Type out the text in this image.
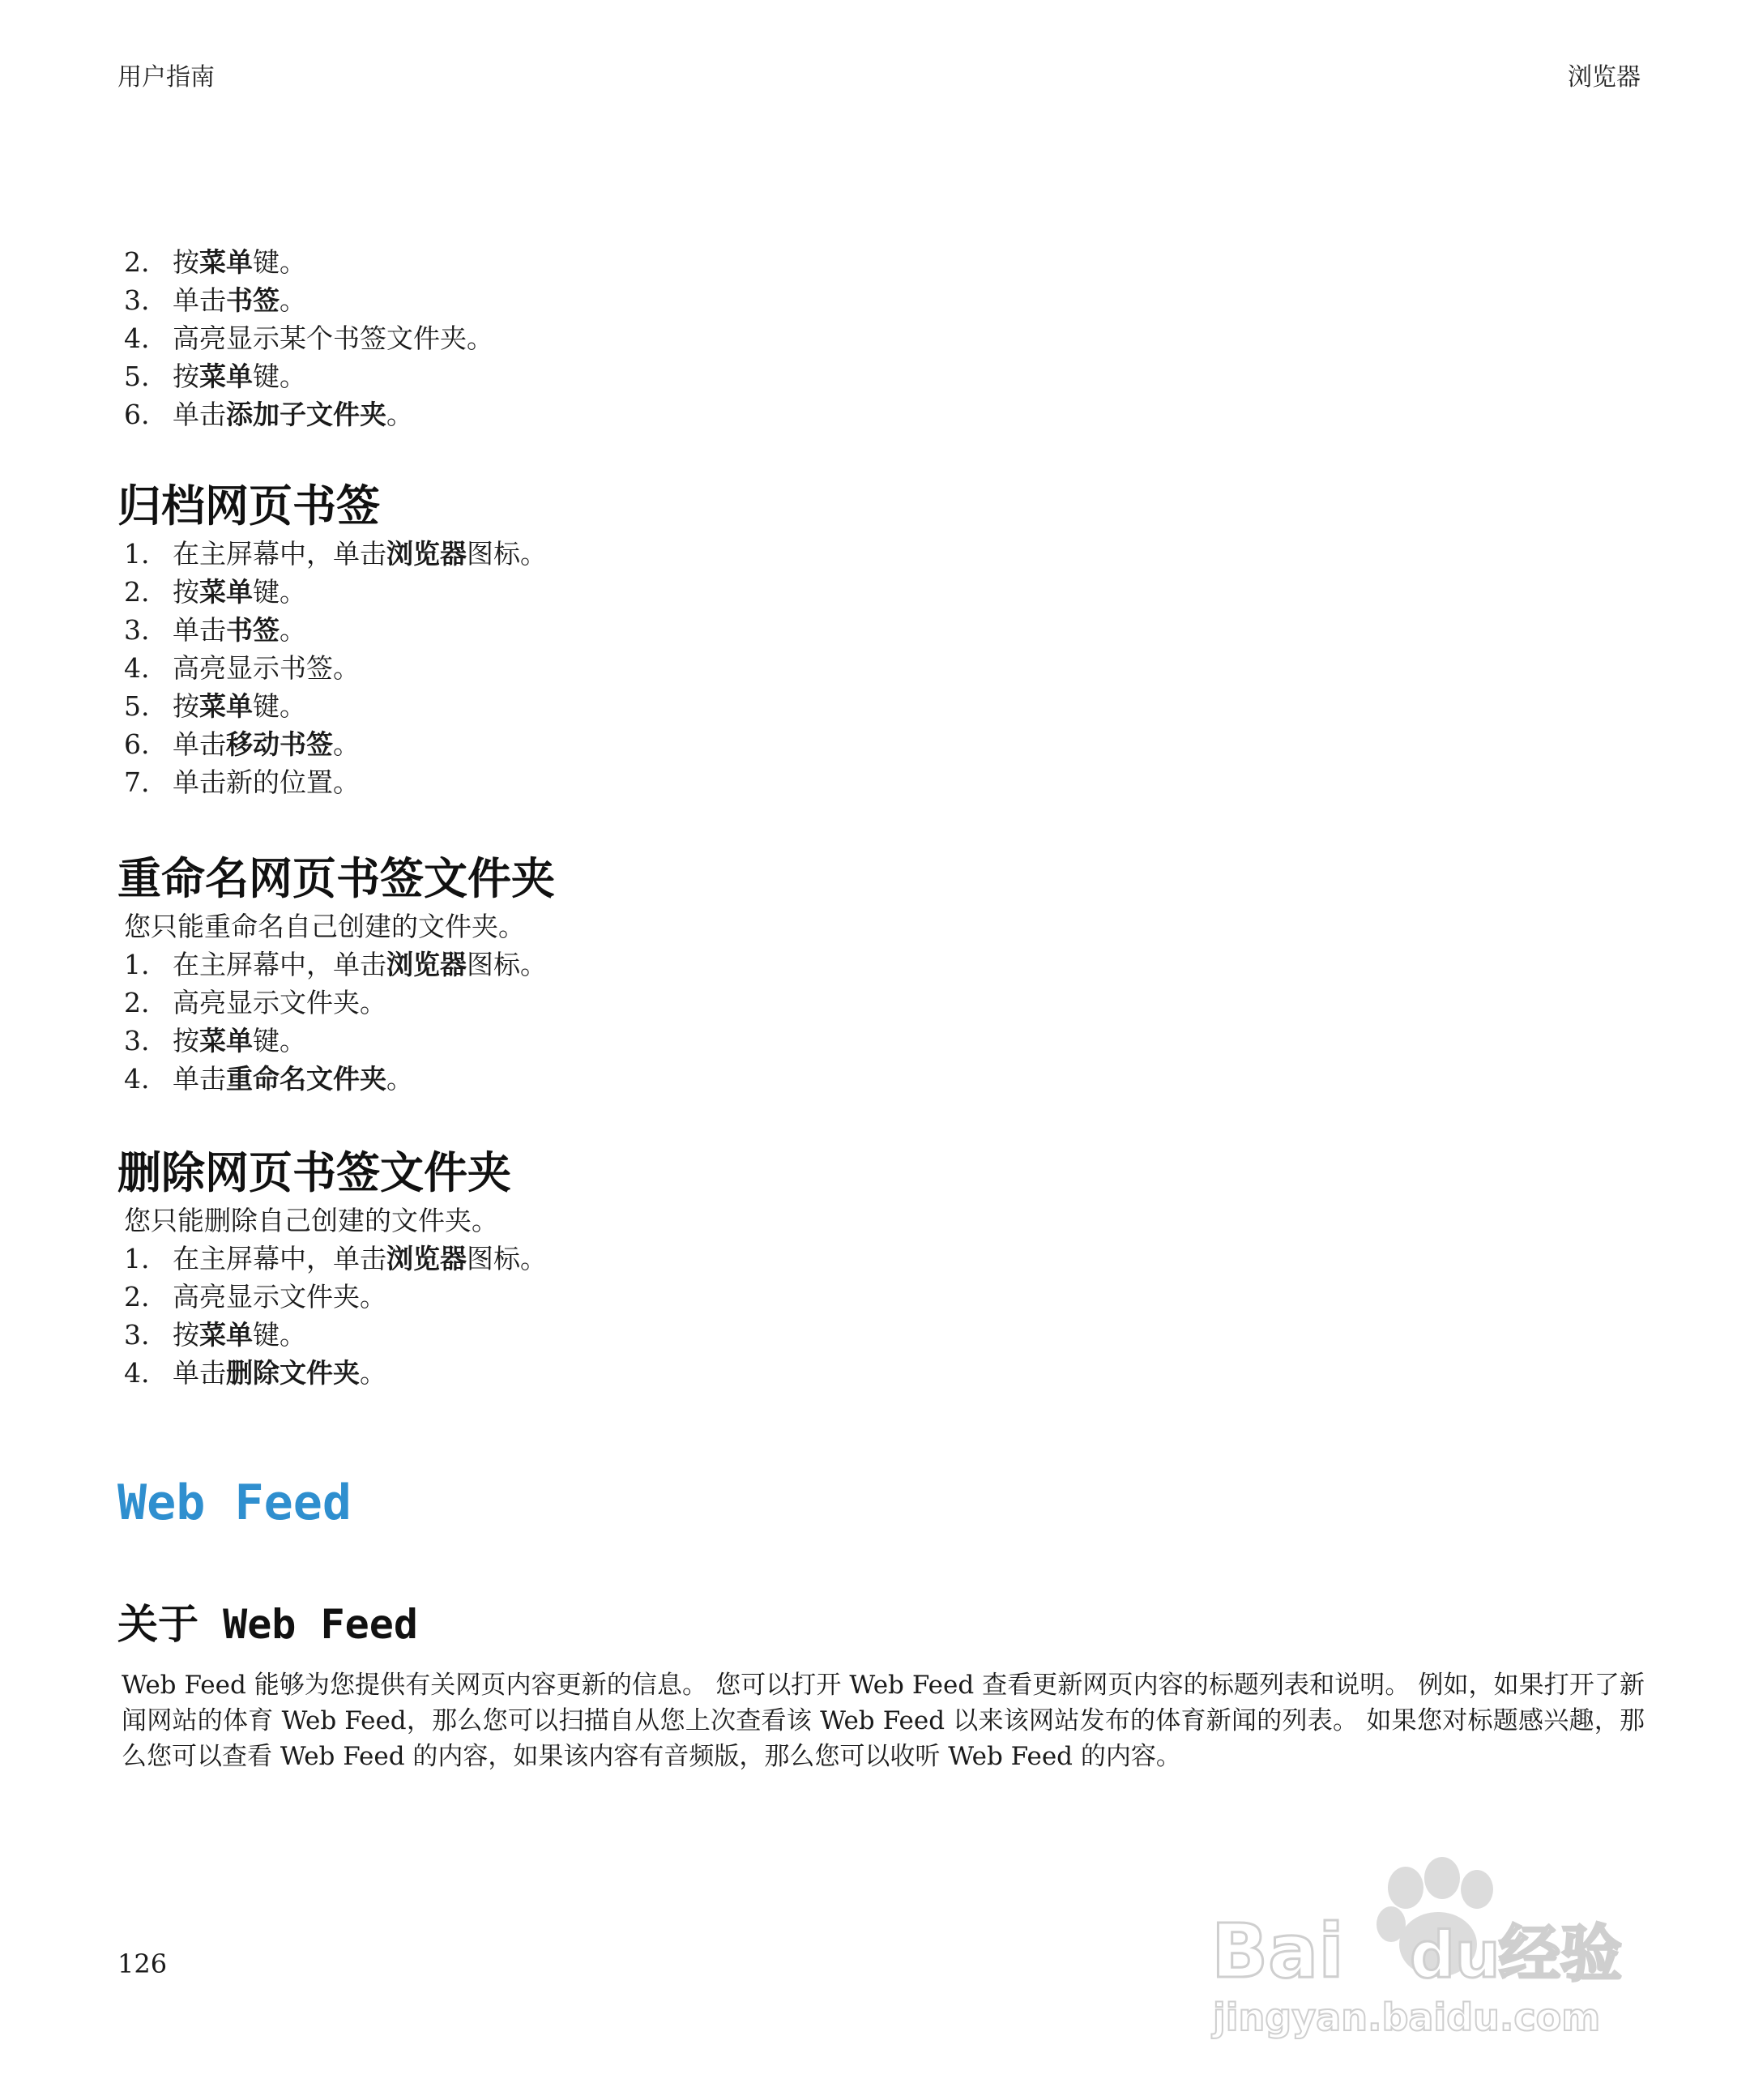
用户指南	浏览器
2. 按 菜单 键。
3. 单击 书签 。
4. 高亮显示某个书签文件夹。
5. 按 菜单 键。
6. 单击 添加子文件夹 。
归档网页书签
1. 在主屏幕中，单击 浏览器 图标。
2. 按 菜单 键。
3. 单击 书签 。
4. 高亮显示书签。
5. 按 菜单 键。
6. 单击 移动书签 。
7. 单击新的位置。
重命名网页书签文件夹
您只能重命名自己创建的文件夹。
1. 在主屏幕中，单击 浏览器 图标。
2. 高亮显示文件夹。
3. 按 菜单 键。
4. 单击 重命名文件夹 。
删除网页书签文件夹
您只能删除自己创建的文件夹。
1. 在主屏幕中，单击 浏览器 图标。
2. 高亮显示文件夹。
3. 按 菜单 键。
4. 单击 删除文件夹 。
Web Feed
关于 Web Feed

Web Feed 能够为您提供有关网页内容更新的信息。 您可以打开 Web Feed 查看更新网页内容的标题列表和说明。 例如，如果打开了新闻网站的体育 Web Feed，那么您可以扫描自从您上次查看该 Web Feed 以来该网站发布的体育新闻的列表。 如果您对标题感兴趣，那么您可以查看 Web Feed 的内容，如果该内容有音频版，那么您可以收听 Web Feed 的内容。

126	Bai du
经验
jingyan.baidu.com
